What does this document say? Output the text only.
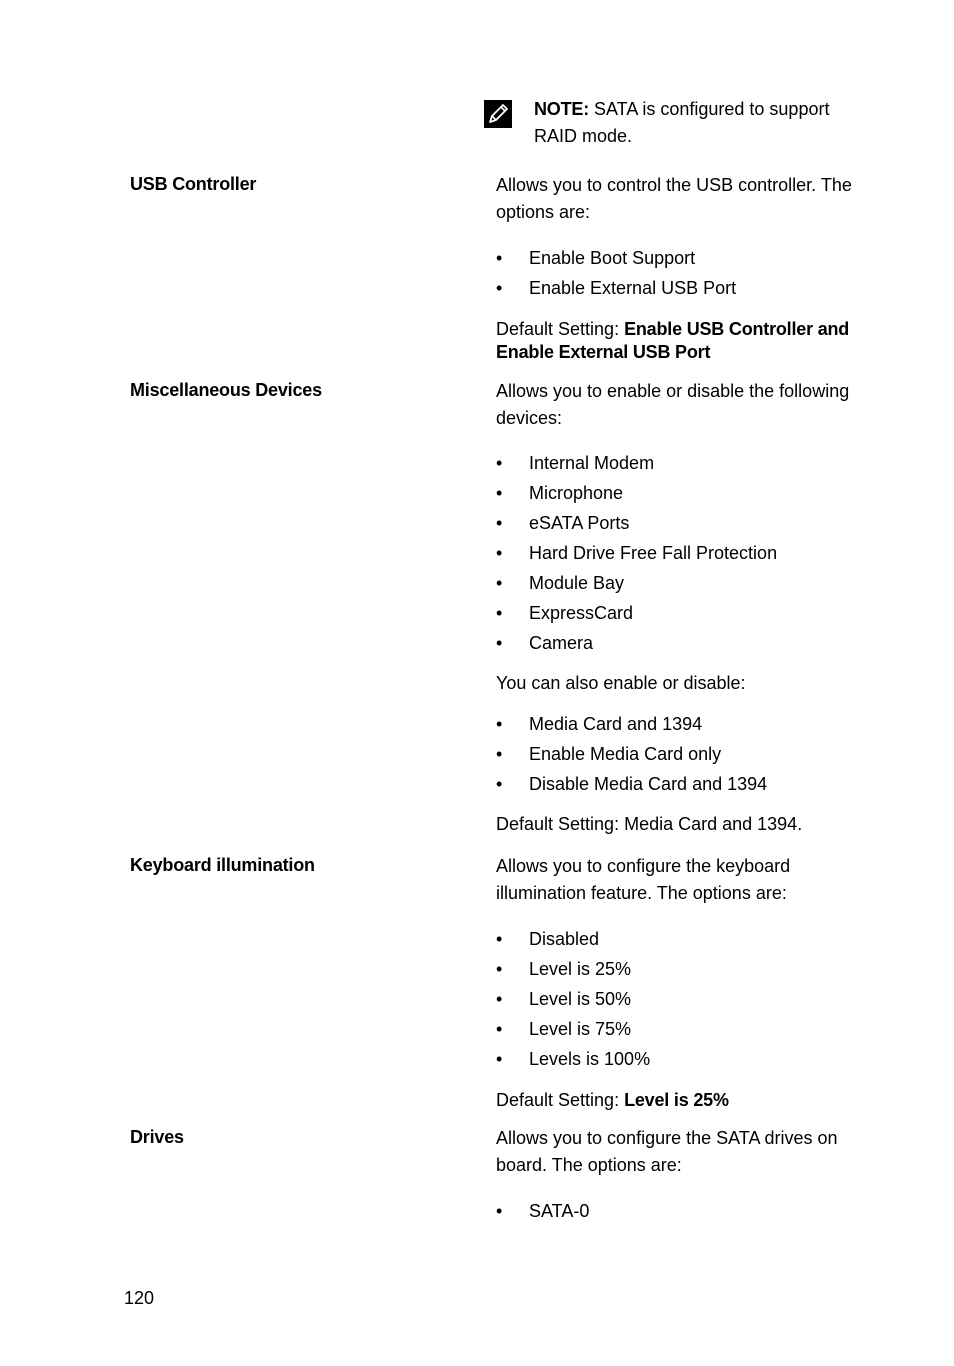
NOTE: SATA is configured to support RAID mode.
USB Controller	Allows you to control the USB controller. The options are:

• Enable Boot Support
• Enable External USB Port

Default Setting: Enable USB Controller and Enable External USB Port

Miscellaneous Devices	Allows you to enable or disable the following devices:

• Internal Modem
• Microphone
• eSATA Ports
• Hard Drive Free Fall Protection
• Module Bay
• ExpressCard
• Camera

You can also enable or disable:

• Media Card and 1394
• Enable Media Card only
• Disable Media Card and 1394

Default Setting: Media Card and 1394.

Keyboard illumination	Allows you to configure the keyboard illumination feature. The options are:

• Disabled
• Level is 25%
• Level is 50%
• Level is 75%
• Levels is 100%

Default Setting: Level is 25%

Drives	Allows you to configure the SATA drives on board. The options are:

• SATA-0
120
